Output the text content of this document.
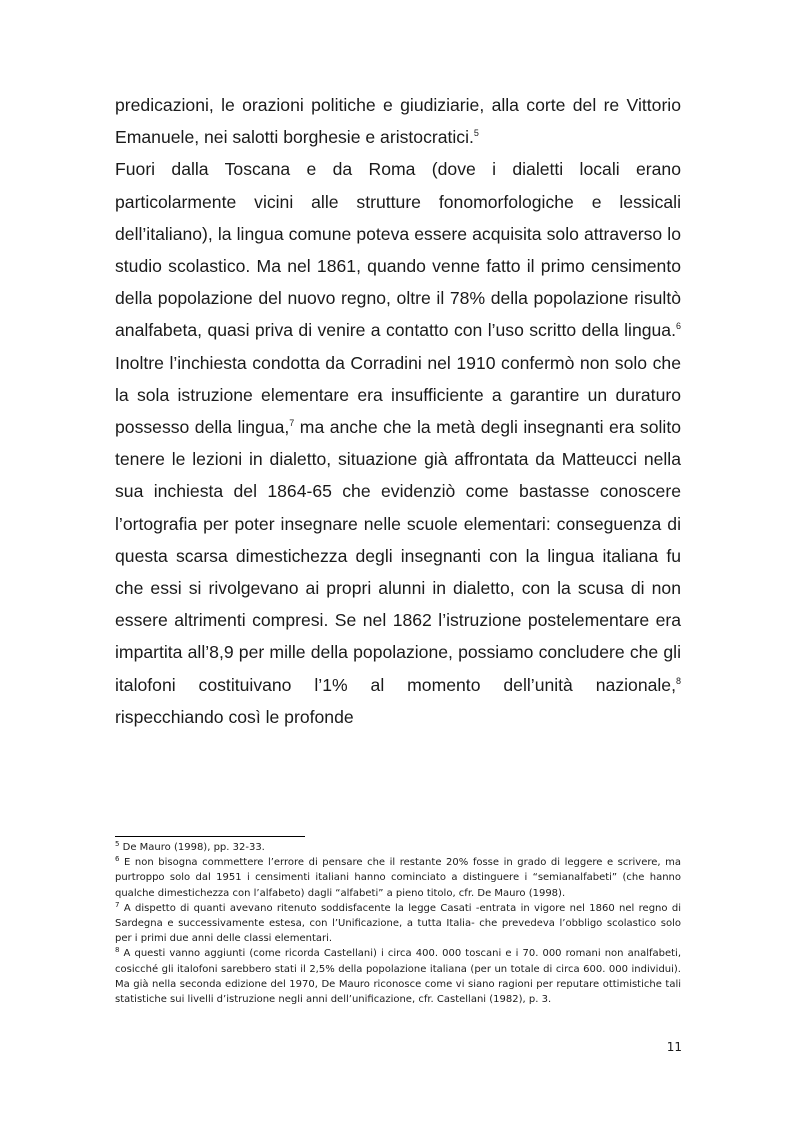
predicazioni, le orazioni politiche e giudiziarie, alla corte del re Vittorio Emanuele, nei salotti borghesie e aristocratici.$^5$

Fuori dalla Toscana e da Roma (dove i dialetti locali erano particolarmente vicini alle strutture fonomorfologiche e lessicali dell’italiano), la lingua comune poteva essere acquisita solo attraverso lo studio scolastico. Ma nel 1861, quando venne fatto il primo censimento della popolazione del nuovo regno, oltre il 78% della popolazione risultò analfabeta, quasi priva di venire a contatto con l’uso scritto della lingua.$^6$ Inoltre l’inchiesta condotta da Corradini nel 1910 confermò non solo che la sola istruzione elementare era insufficiente a garantire un duraturo possesso della lingua,$^7$ ma anche che la metà degli insegnanti era solito tenere le lezioni in dialetto, situazione già affrontata da Matteucci nella sua inchiesta del 1864-65 che evidenziò come bastasse conoscere l’ortografia per poter insegnare nelle scuole elementari: conseguenza di questa scarsa dimestichezza degli insegnanti con la lingua italiana fu che essi si rivolgevano ai propri alunni in dialetto, con la scusa di non essere altrimenti compresi. Se nel 1862 l’istruzione postelementare era impartita all’8,9 per mille della popolazione, possiamo concludere che gli italofoni costituivano l’1% al momento dell’unità nazionale,$^8$ rispecchiando così le profonde

$^5$ De Mauro (1998), pp. 32-33.

$^6$ E non bisogna commettere l’errore di pensare che il restante 20% fosse in grado di leggere e scrivere, ma purtroppo solo dal 1951 i censimenti italiani hanno cominciato a distinguere i “semianalfabeti” (che hanno qualche dimestichezza con l’alfabeto) dagli “alfabeti” a pieno titolo, cfr. De Mauro (1998).

$^7$ A dispetto di quanti avevano ritenuto soddisfacente la legge Casati -entrata in vigore nel 1860 nel regno di Sardegna e successivamente estesa, con l’Unificazione, a tutta Italia- che prevedeva l’obbligo scolastico solo per i primi due anni delle classi elementari.

$^8$ A questi vanno aggiunti (come ricorda Castellani) i circa 400. 000 toscani e i 70. 000 romani non analfabeti, cosicché gli italofoni sarebbero stati il 2,5% della popolazione italiana (per un totale di circa 600. 000 individui). Ma già nella seconda edizione del 1970, De Mauro riconosce come vi siano ragioni per reputare ottimistiche tali statistiche sui livelli d’istruzione negli anni dell’unificazione, cfr. Castellani (1982), p. 3.

11
